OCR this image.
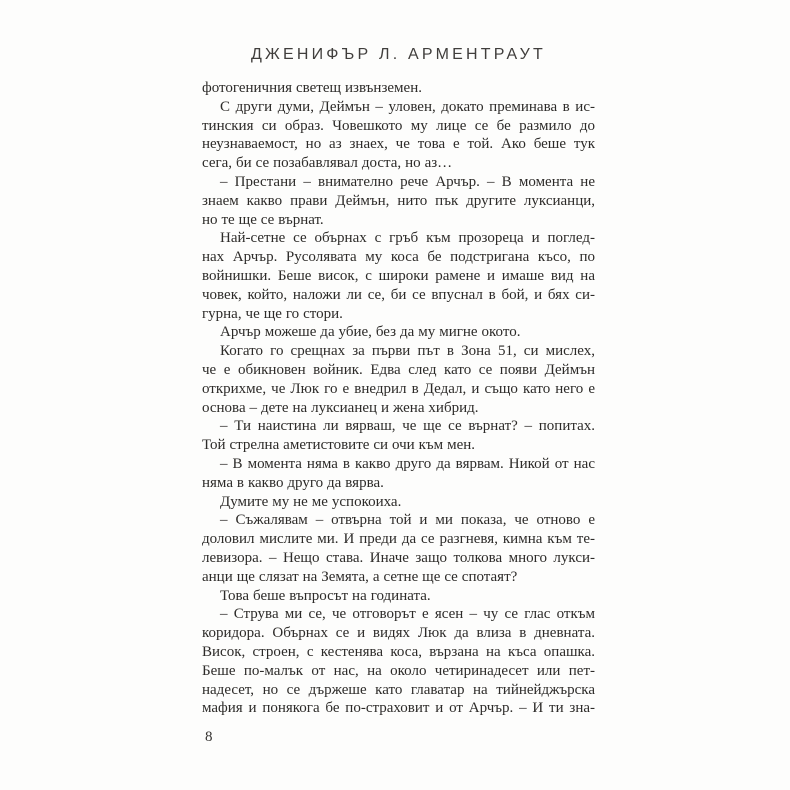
ДЖЕНИФЪР Л. АРМЕНТРАУТ
фотогеничния светещ извънземен.
С други думи, Деймън – уловен, докато преминава в ис-
тинския си образ. Човешкото му лице се бе размило до
неузнаваемост, но аз знаех, че това е той. Ако беше тук
сега, би се позабавлявал доста, но аз…
– Престани – внимателно рече Арчър. – В момента не
знаем какво прави Деймън, нито пък другите луксианци,
но те ще се върнат.
Най-сетне се обърнах с гръб към прозореца и поглед-
нах Арчър. Русолявата му коса бе подстригана късо, по
войнишки. Беше висок, с широки рамене и имаше вид на
човек, който, наложи ли се, би се впуснал в бой, и бях си-
гурна, че ще го стори.
Арчър можеше да убие, без да му мигне окото.
Когато го срещнах за първи път в Зона 51, си мислех,
че е обикновен войник. Едва след като се появи Деймън
открихме, че Люк го е внедрил в Дедал, и също като него е
основа – дете на луксианец и жена хибрид.
– Ти наистина ли вярваш, че ще се върнат? – попитах.
Той стрелна аметистовите си очи към мен.
– В момента няма в какво друго да вярвам. Никой от нас
няма в какво друго да вярва.
Думите му не ме успокоиха.
– Съжалявам – отвърна той и ми показа, че отново е
доловил мислите ми. И преди да се разгневя, кимна към те-
левизора. – Нещо става. Иначе защо толкова много лукси-
анци ще слязат на Земята, а сетне ще се спотаят?
Това беше въпросът на годината.
– Струва ми се, че отговорът е ясен – чу се глас откъм
коридора. Обърнах се и видях Люк да влиза в дневната.
Висок, строен, с кестенява коса, вързана на къса опашка.
Беше по-малък от нас, на около четиринадесет или пет-
надесет, но се държеше като главатар на тийнейджърска
мафия и понякога бе по-страховит и от Арчър. – И ти зна-
8
